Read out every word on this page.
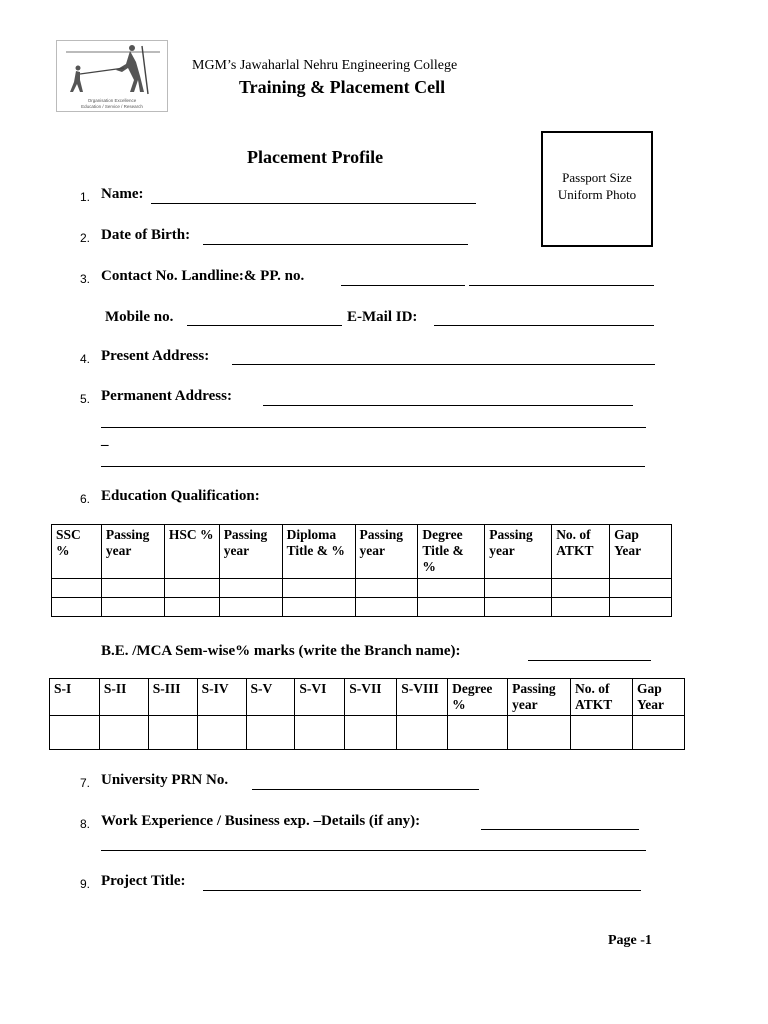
Organisation Excellence
Education / Service / Research
MGM’s Jawaharlal Nehru Engineering College
Training & Placement Cell
Placement Profile
Passport Size
Uniform Photo
1. Name:
2. Date of Birth:
3. Contact No. Landline:& PP. no.
Mobile no.	E-Mail ID:
4. Present Address:
5. Permanent Address:
_
6. Education Qualification:
SSC %	Passing year	HSC %	Passing year	Diploma Title & %	Passing year	Degree Title & %	Passing year	No. of ATKT	Gap Year

B.E. /MCA Sem-wise% marks (write the Branch name):
S-I	S-II	S-III	S-IV	S-V	S-VI	S-VII	S-VIII	Degree %	Passing year	No. of ATKT	Gap Year

7. University PRN No.
8. Work Experience / Business exp. –Details (if any):
9. Project Title:
Page -1
